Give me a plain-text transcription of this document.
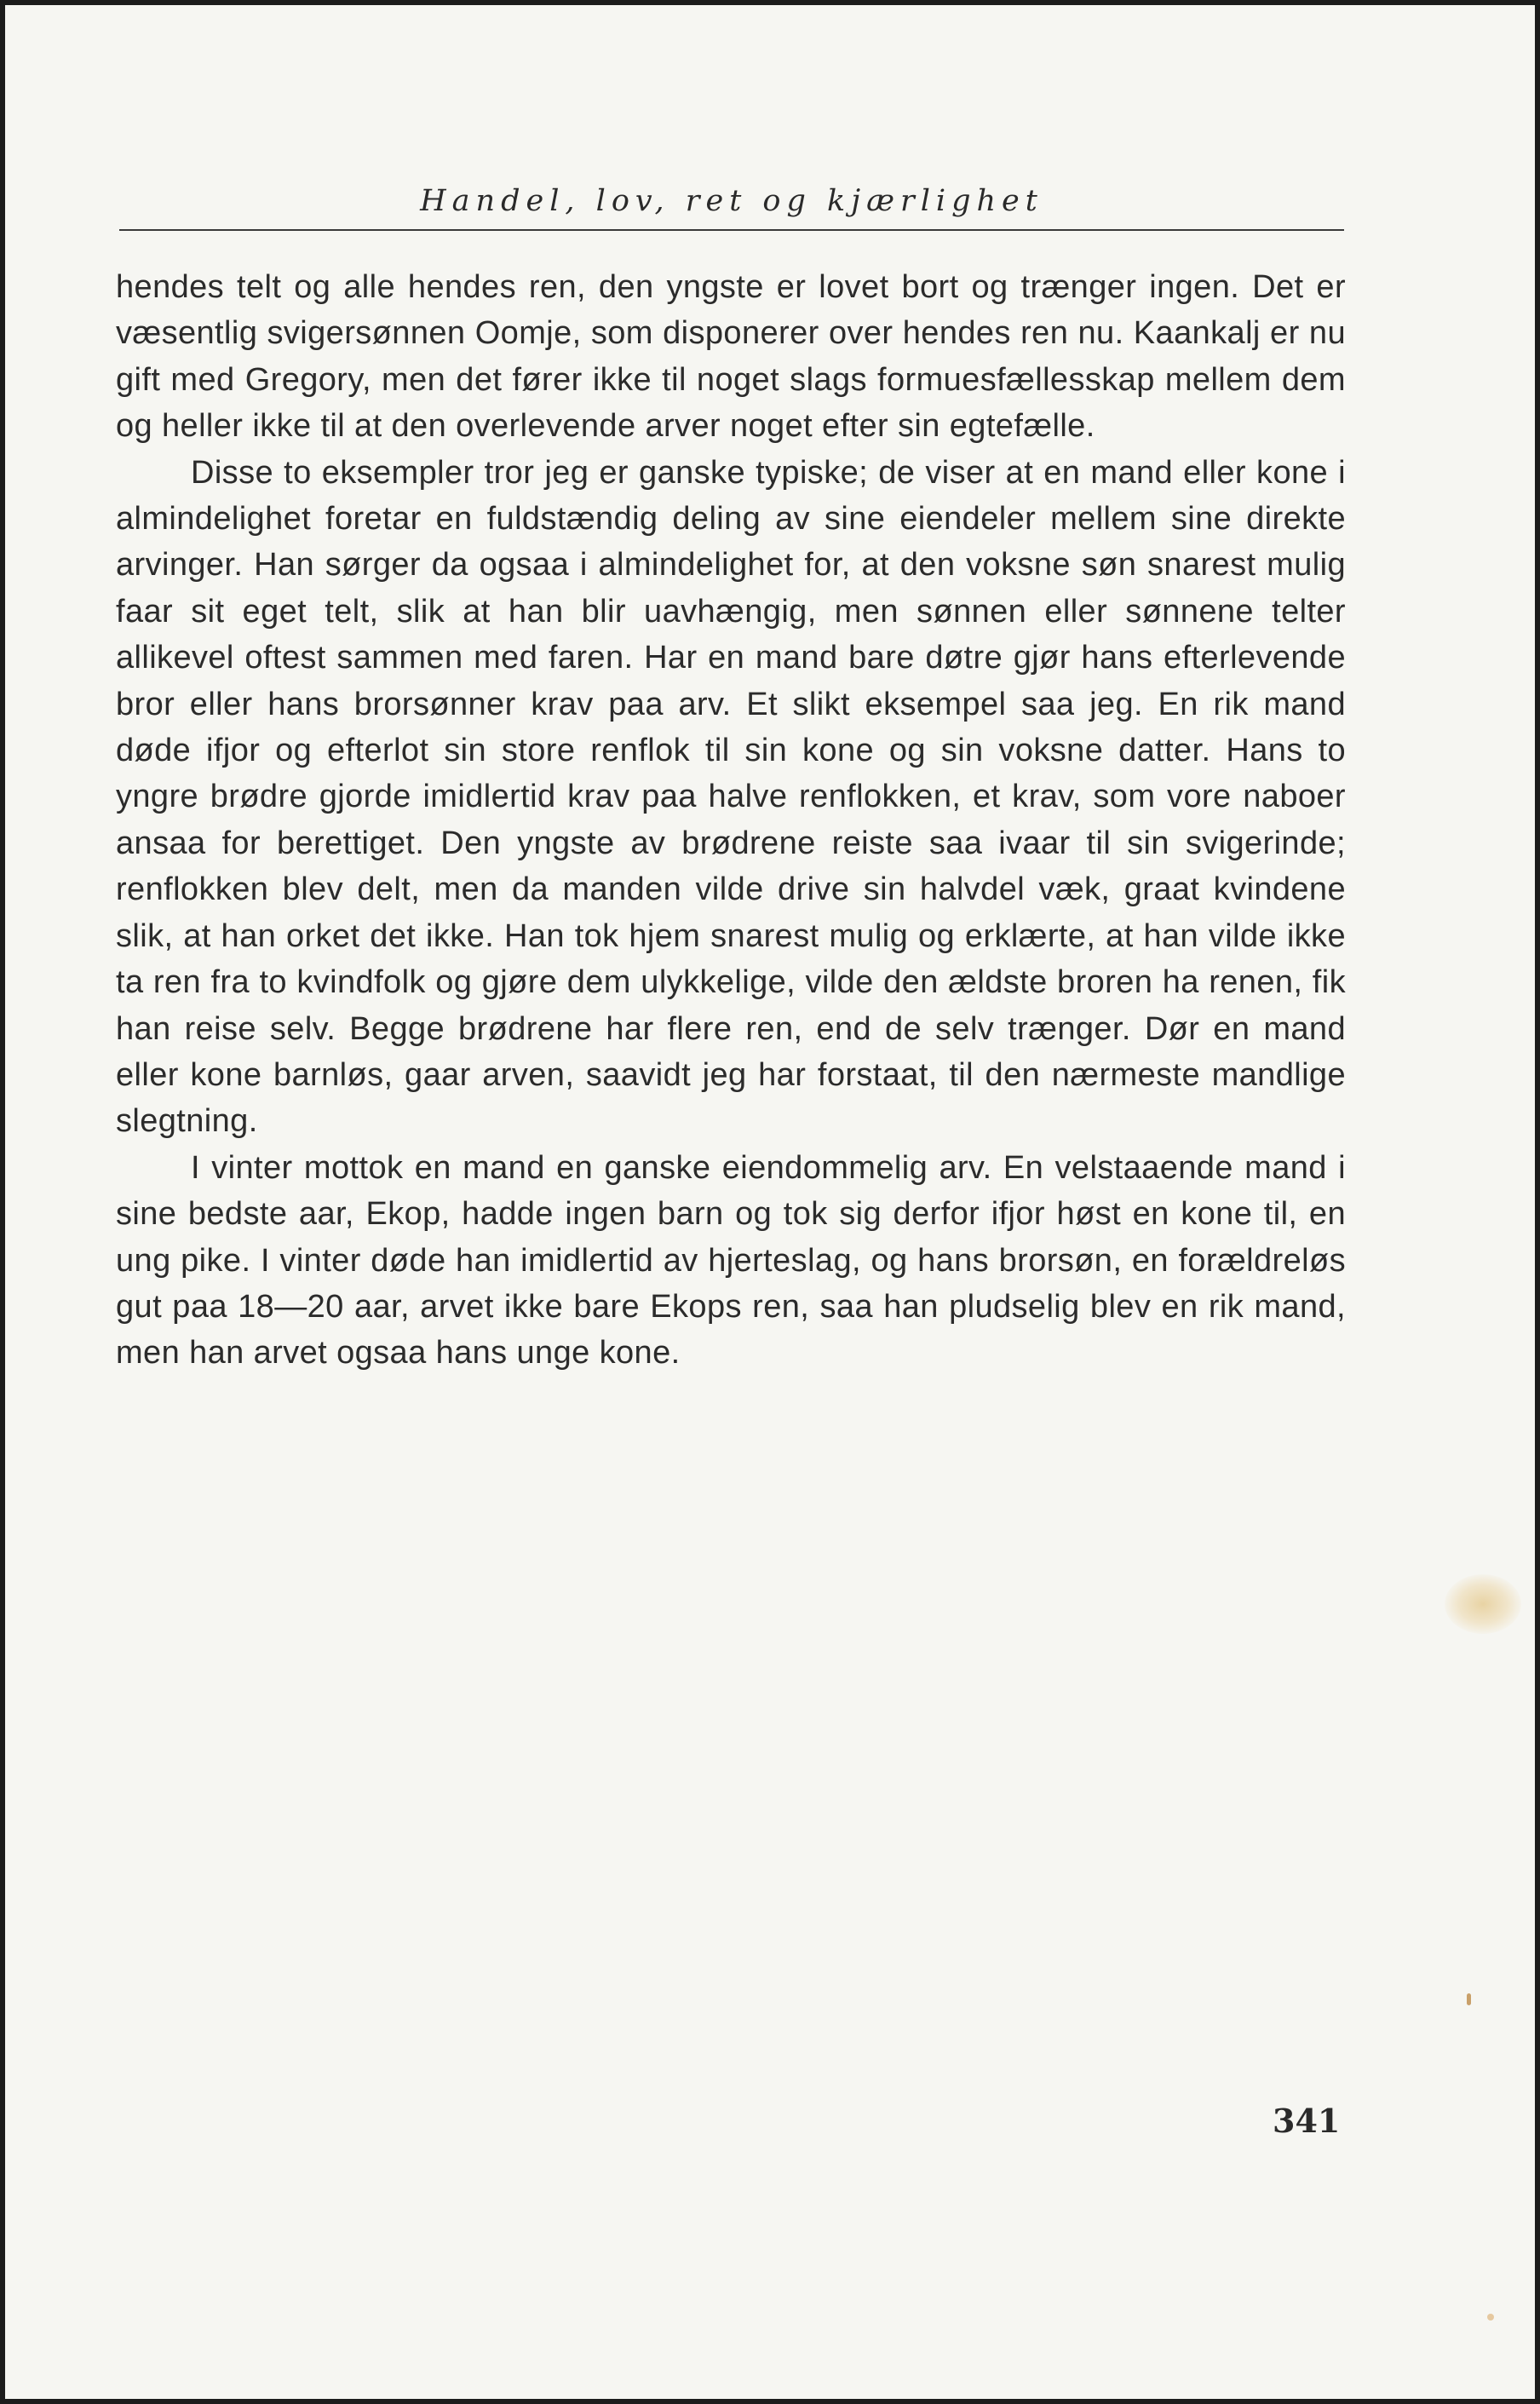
Handel, lov, ret og kjærlighet

hendes telt og alle hendes ren, den yngste er lovet bort og trænger ingen. Det er væsentlig svigersønnen Oomje, som disponerer over hendes ren nu. Kaankalj er nu gift med Gregory, men det fører ikke til noget slags formuesfællesskap mellem dem og heller ikke til at den overlevende arver noget efter sin egtefælle.

Disse to eksempler tror jeg er ganske typiske; de viser at en mand eller kone i almindelighet foretar en fuldstændig deling av sine eiendeler mellem sine direkte arvinger. Han sørger da ogsaa i almindelighet for, at den voksne søn snarest mulig faar sit eget telt, slik at han blir uavhængig, men sønnen eller sønnene telter allikevel oftest sammen med faren. Har en mand bare døtre gjør hans efterlevende bror eller hans brorsønner krav paa arv. Et slikt eksempel saa jeg. En rik mand døde ifjor og efterlot sin store renflok til sin kone og sin voksne datter. Hans to yngre brødre gjorde imidlertid krav paa halve renflokken, et krav, som vore naboer ansaa for berettiget. Den yngste av brødrene reiste saa ivaar til sin svigerinde; renflokken blev delt, men da manden vilde drive sin halvdel væk, graat kvindene slik, at han orket det ikke. Han tok hjem snarest mulig og erklærte, at han vilde ikke ta ren fra to kvindfolk og gjøre dem ulykkelige, vilde den ældste broren ha renen, fik han reise selv. Begge brødrene har flere ren, end de selv trænger. Dør en mand eller kone barnløs, gaar arven, saavidt jeg har forstaat, til den nærmeste mandlige slegtning.

I vinter mottok en mand en ganske eiendommelig arv. En velstaaende mand i sine bedste aar, Ekop, hadde ingen barn og tok sig derfor ifjor høst en kone til, en ung pike. I vinter døde han imidlertid av hjerteslag, og hans brorsøn, en forældreløs gut paa 18—20 aar, arvet ikke bare Ekops ren, saa han pludselig blev en rik mand, men han arvet ogsaa hans unge kone.

341
